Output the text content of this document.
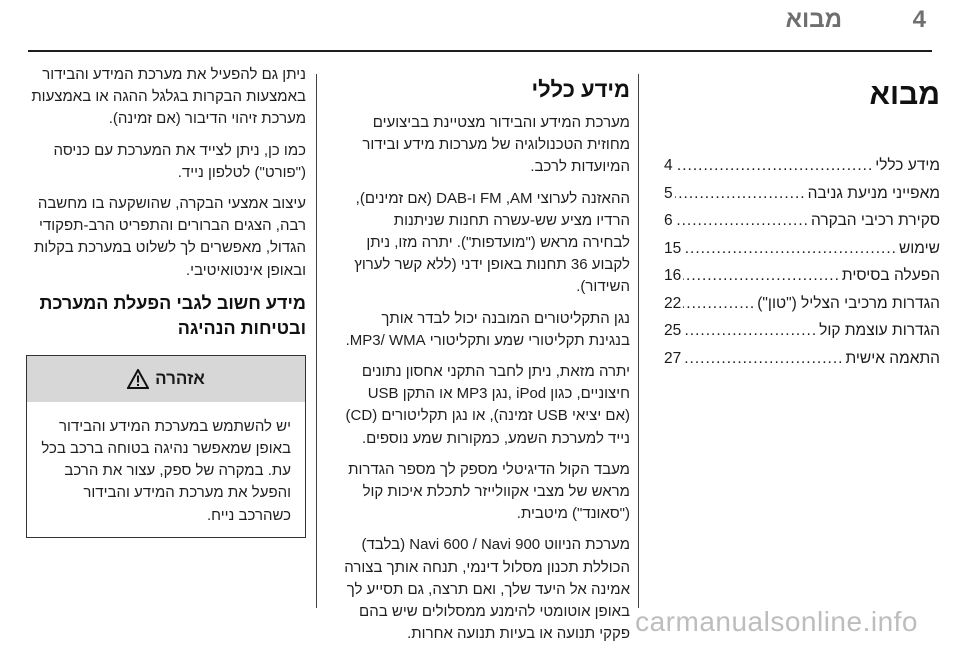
4
מבוא
מבוא
מידע כללי
.....
4
מאפייני מניעת גניבה
.....
5
סקירת רכיבי הבקרה
.....
6
שימוש
.....
15
הפעלה בסיסית
.....
16
הגדרות מרכיבי הצליל ("טון")
.....
22
הגדרות עוצמת קול
.....
25
התאמה אישית
.....
27
מידע כללי

מערכת המידע והבידור מצטיינת בביצועים מחוזית הטכנולוגיה של מערכות מידע ובידור המיועדות לרכב.

ההאזנה לערוצי FM ,AM ו-DAB (אם זמינים), הרדיו מציע שש-עשרה תחנות שניתנות לבחירה מראש ("מועדפות"). יתרה מזו, ניתן לקבוע 36 תחנות באופן ידני (ללא קשר לערוץ השידור).

נגן התקליטורים המובנה יכול לבדר אותך בנגינת תקליטורי שמע ותקליטורי MP3/ WMA.

יתרה מזאת, ניתן לחבר התקני אחסון נתונים חיצוניים, כגון iPod ,נגן MP3 או התקן USB (אם יציאי USB זמינה), או נגן תקליטורים (CD) נייד למערכת השמע, כמקורות שמע נוספים.

מעבד הקול הדיגיטלי מספק לך מספר הגדרות מראש של מצבי אקוולייזר לתכלת איכות קול ("סאונד") מיטבית.

מערכת הניווט Navi 600 / Navi 900 (בלבד) הכוללת תכנון מסלול דינמי, תנחה אותך בצורה אמינה אל היעד שלך, ואם תרצה, גם תסייע לך באופן אוטומטי להימנע ממסלולים שיש בהם פקקי תנועה או בעיות תנועה אחרות.

ניתן גם להפעיל את מערכת המידע והבידור באמצעות הבקרות בגלגל ההגה או באמצעות מערכת זיהוי הדיבור (אם זמינה).

כמו כן, ניתן לצייד את המערכת עם כניסה ("פורט") לטלפון נייד.

עיצוב אמצעי הבקרה, שהושקעה בו מחשבה רבה, הצגים הברורים והתפריט הרב-תפקודי הגדול, מאפשרים לך לשלוט במערכת בקלות ובאופן אינטואיטיבי.

מידע חשוב לגבי הפעלת המערכת ובטיחות הנהיגה
אזהרה

יש להשתמש במערכת המידע והבידור באופן שמאפשר נהיגה בטוחה ברכב בכל עת. במקרה של ספק, עצור את הרכב והפעל את מערכת המידע והבידור כשהרכב נייח.

carmanualsonline.info
